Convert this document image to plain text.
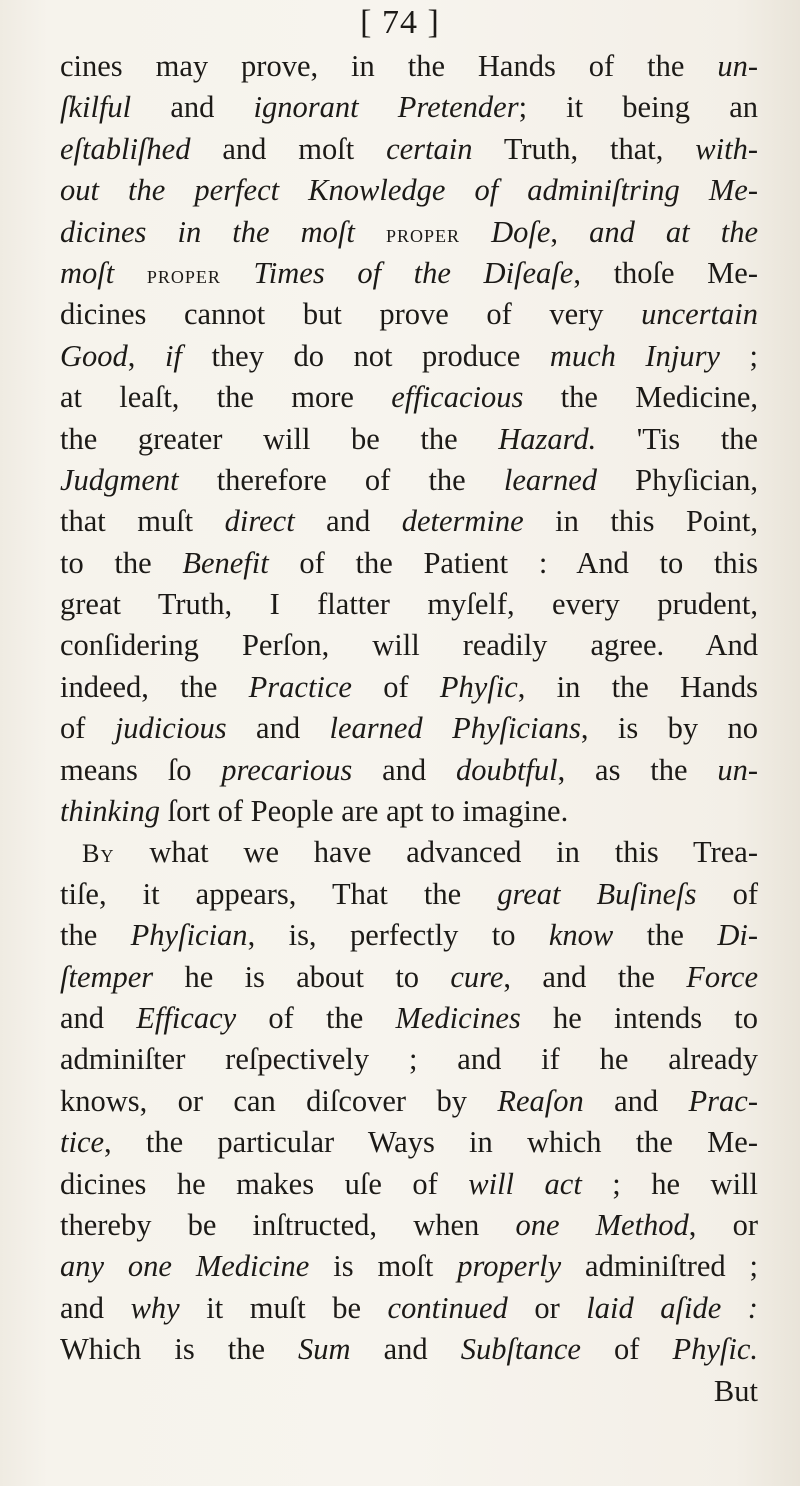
[ 74 ]
cines may prove, in the Hands of the un-
ſkilful and ignorant Pretender; it being an
eſtabliſhed and moſt certain Truth, that, with-
out the perfect Knowledge of adminiſtring Me-
dicines in the moſt proper Doſe, and at the
moſt proper Times of the Diſeaſe, thoſe Me-
dicines cannot but prove of very uncertain
Good, if they do not produce much Injury ;
at leaſt, the more efficacious the Medicine,
the greater will be the Hazard. 'Tis the
Judgment therefore of the learned Phyſician,
that muſt direct and determine in this Point,
to the Benefit of the Patient : And to this
great Truth, I flatter myſelf, every prudent,
conſidering Perſon, will readily agree. And
indeed, the Practice of Phyſic, in the Hands
of judicious and learned Phyſicians, is by no
means ſo precarious and doubtful, as the un-
thinking ſort of People are apt to imagine.
By what we have advanced in this Trea-
tiſe, it appears, That the great Buſineſs of
the Phyſician, is, perfectly to know the Di-
ſtemper he is about to cure, and the Force
and Efficacy of the Medicines he intends to
adminiſter reſpectively ; and if he already
knows, or can diſcover by Reaſon and Prac-
tice, the particular Ways in which the Me-
dicines he makes uſe of will act ; he will
thereby be inſtructed, when one Method, or
any one Medicine is moſt properly adminiſtred ;
and why it muſt be continued or laid aſide :
Which is the Sum and Subſtance of Phyſic.
But
